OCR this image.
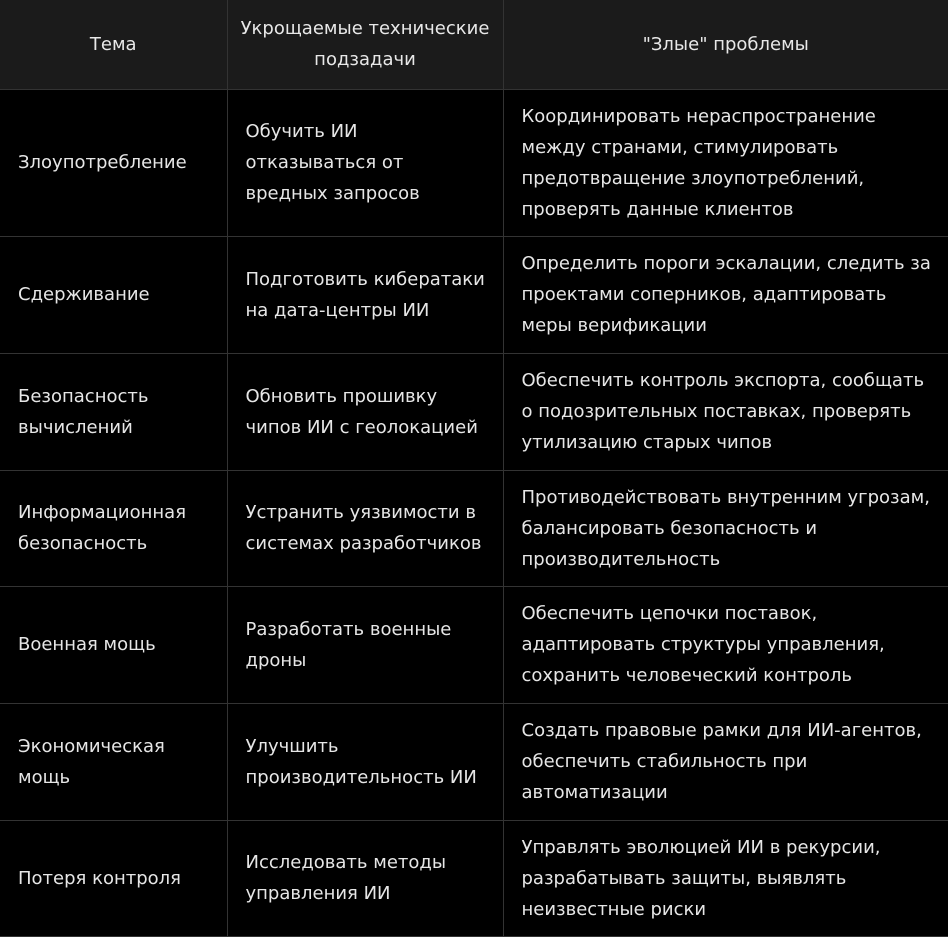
Тема	Укрощаемые технические подзадачи	"Злые" проблемы
Злоупотребление	Обучить ИИ отказываться от вредных запросов	Координировать нераспространение между странами, стимулировать предотвращение злоупотреблений, проверять данные клиентов
Сдерживание	Подготовить кибератаки на дата-центры ИИ	Определить пороги эскалации, следить за проектами соперников, адаптировать меры верификации
Безопасность вычислений	Обновить прошивку чипов ИИ с геолокацией	Обеспечить контроль экспорта, сообщать о подозрительных поставках, проверять утилизацию старых чипов
Информационная безопасность	Устранить уязвимости в системах разработчиков	Противодействовать внутренним угрозам, балансировать безопасность и производительность
Военная мощь	Разработать военные дроны	Обеспечить цепочки поставок, адаптировать структуры управления, сохранить человеческий контроль
Экономическая мощь	Улучшить производительность ИИ	Создать правовые рамки для ИИ-агентов, обеспечить стабильность при автоматизации
Потеря контроля	Исследовать методы управления ИИ	Управлять эволюцией ИИ в рекурсии, разрабатывать защиты, выявлять неизвестные риски
